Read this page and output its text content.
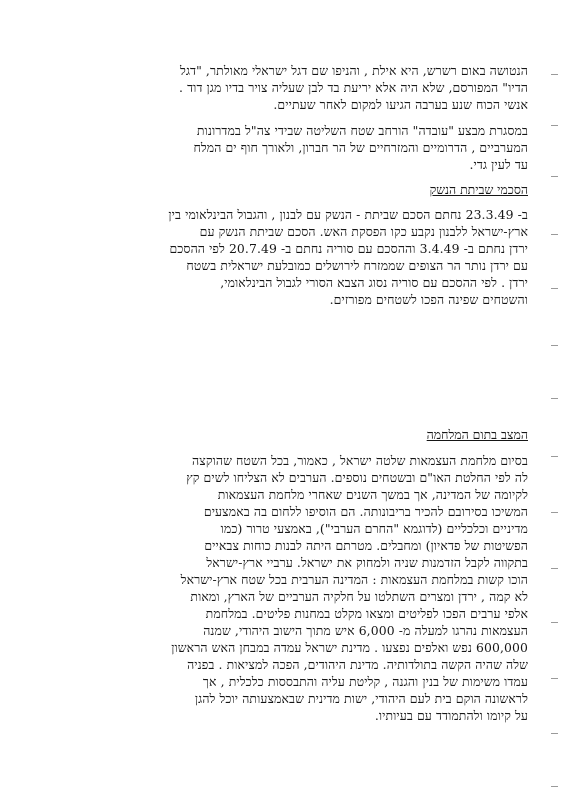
הנטושה באום רשרש, היא אילת , והניפו שם דגל ישראלי מאולתר, "דגל
הדיו" המפורסם, שלא היה אלא יריעת בד לבן שעליה צויר בדיו מגן דוד .
אנשי הכוח שנע בערבה הגיעו למקום לאחר שעתיים.
במסגרת מבצע "עובדה" הורחב שטח השליטה שבידי צה"ל במדרונות
המערביים , הדרומיים והמזרחיים של הר חברון, ולאורך חוף ים המלח
עד לעין גדי.
הסכמי שביתת הנשק
ב- 23.3.49 נחתם הסכם שביתת - הנשק עם לבנון , והגבול הבינלאומי בין
ארץ-ישראל ללבנון נקבע כקו הפסקת האש. הסכם שביתת הנשק עם
ירדן נחתם ב- 3.4.49 וההסכם עם סוריה נחתם ב- 20.7.49 לפי ההסכם
עם ירדן נותר הר הצופים שממזרח לירושלים כמובלעת ישראלית בשטח
ירדן . לפי ההסכם עם סוריה נסוג הצבא הסורי לגבול הבינלאומי,
והשטחים שפינה הפכו לשטחים מפורזים.
המצב בתום המלחמה
בסיום מלחמת העצמאות שלטה ישראל , כאמור, בכל השטח שהוקצה
לה לפי החלטת האו"ם ובשטחים נוספים. הערבים לא הצליחו לשים קץ
לקיומה של המדינה, אך במשך השנים שאחרי מלחמת העצמאות
המשיכו בסירובם להכיר בריבונותה. הם הוסיפו ללחום בה באמצעים
מדיניים וכלכליים (לדוגמא "החרם הערבי"), באמצעי טרור (כמו
הפשיטות של פדאיון) ומחבלים. מטרתם היתה לבנות כוחות צבאיים
בתקווה לקבל הזדמנות שניה ולמחוק את ישראל. ערביי ארץ-ישראל
הוכו קשות במלחמת העצמאות : המדינה הערבית בכל שטח ארץ-ישראל
לא קמה , ירדן ומצרים השתלטו על חלקיה הערביים של הארץ, ומאות
אלפי ערבים הפכו לפליטים ומצאו מקלט במחנות פליטים. במלחמת
העצמאות נהרגו למעלה מ- 6,000 איש מתוך הישוב היהודי, שמנה
600,000 נפש ואלפים נפצעו . מדינת ישראל עמדה במבחן האש הראשון
שלה שהיה הקשה בתולדותיה. מדינת היהודים, הפכה למציאות . בפניה
עמדו משימות של בנין והגנה , קליטת עליה והתבססות כלכלית , אך
לראשונה הוקם בית לעם היהודי, ישות מדינית שבאמצעותה יוכל להגן
על קיומו ולהתמודד עם בעיותיו.
